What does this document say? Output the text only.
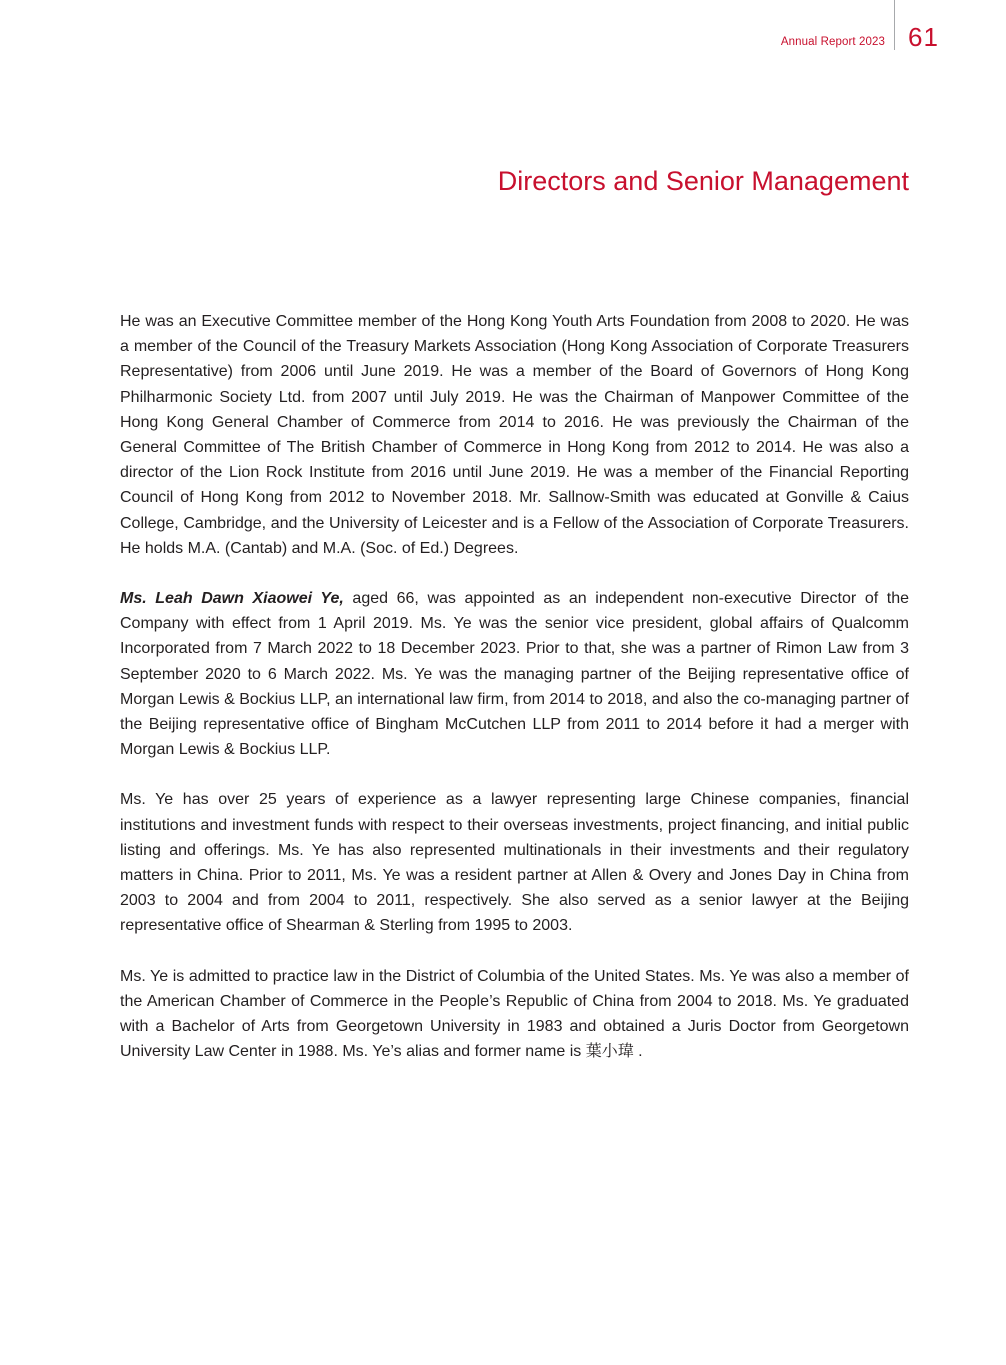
Annual Report 2023 61
Directors and Senior Management

He was an Executive Committee member of the Hong Kong Youth Arts Foundation from 2008 to 2020. He was a member of the Council of the Treasury Markets Association (Hong Kong Association of Corporate Treasurers Representative) from 2006 until June 2019. He was a member of the Board of Governors of Hong Kong Philharmonic Society Ltd. from 2007 until July 2019. He was the Chairman of Manpower Committee of the Hong Kong General Chamber of Commerce from 2014 to 2016. He was previously the Chairman of the General Committee of The British Chamber of Commerce in Hong Kong from 2012 to 2014. He was also a director of the Lion Rock Institute from 2016 until June 2019. He was a member of the Financial Reporting Council of Hong Kong from 2012 to November 2018. Mr. Sallnow-Smith was educated at Gonville & Caius College, Cambridge, and the University of Leicester and is a Fellow of the Association of Corporate Treasurers. He holds M.A. (Cantab) and M.A. (Soc. of Ed.) Degrees.

Ms. Leah Dawn Xiaowei Ye, aged 66, was appointed as an independent non-executive Director of the Company with effect from 1 April 2019. Ms. Ye was the senior vice president, global affairs of Qualcomm Incorporated from 7 March 2022 to 18 December 2023. Prior to that, she was a partner of Rimon Law from 3 September 2020 to 6 March 2022. Ms. Ye was the managing partner of the Beijing representative office of Morgan Lewis & Bockius LLP, an international law firm, from 2014 to 2018, and also the co-managing partner of the Beijing representative office of Bingham McCutchen LLP from 2011 to 2014 before it had a merger with Morgan Lewis & Bockius LLP.

Ms. Ye has over 25 years of experience as a lawyer representing large Chinese companies, financial institutions and investment funds with respect to their overseas investments, project financing, and initial public listing and offerings. Ms. Ye has also represented multinationals in their investments and their regulatory matters in China. Prior to 2011, Ms. Ye was a resident partner at Allen & Overy and Jones Day in China from 2003 to 2004 and from 2004 to 2011, respectively. She also served as a senior lawyer at the Beijing representative office of Shearman & Sterling from 1995 to 2003.

Ms. Ye is admitted to practice law in the District of Columbia of the United States. Ms. Ye was also a member of the American Chamber of Commerce in the People’s Republic of China from 2004 to 2018. Ms. Ye graduated with a Bachelor of Arts from Georgetown University in 1983 and obtained a Juris Doctor from Georgetown University Law Center in 1988. Ms. Ye’s alias and former name is 葉小瑋 .
